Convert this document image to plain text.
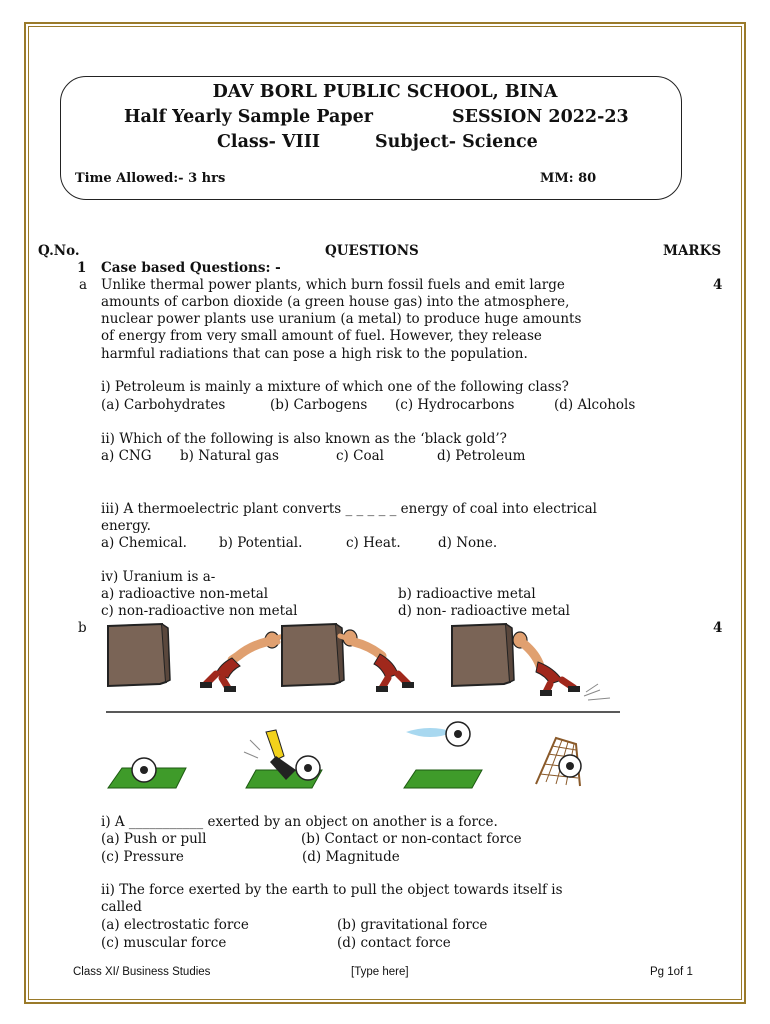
DAV BORL PUBLIC SCHOOL, BINA
Half Yearly Sample Paper	SESSION 2022-23
Class- VIII	Subject- Science
Time Allowed:- 3 hrs	MM: 80
Q.No.	QUESTIONS	MARKS
1 Case based Questions: -
a	4
Unlike thermal power plants, which burn fossil fuels and emit large
amounts of carbon dioxide (a green house gas) into the atmosphere,
nuclear power plants use uranium (a metal) to produce huge amounts
of energy from very small amount of fuel. However, they release
harmful radiations that can pose a high risk to the population.
i) Petroleum is mainly a mixture of which one of the following class?
(a) Carbohydrates	(b) Carbogens (c) Hydrocarbons	(d) Alcohols
ii) Which of the following is also known as the ‘black gold’?
a) CNG b) Natural gas	c) Coal	d) Petroleum
iii) A thermoelectric plant converts _ _ _ _ _ energy of coal into electrical
energy.
a) Chemical. b) Potential.	c) Heat.	d) None.
iv) Uranium is a-
a) radioactive non-metal	b) radioactive metal
c) non-radioactive non metal	d) non- radioactive metal
b	4
i) A ___________ exerted by an object on another is a force.
(a) Push or pull	(b) Contact or non-contact force
(c) Pressure	(d) Magnitude
ii) The force exerted by the earth to pull the object towards itself is
called
(a) electrostatic force	(b) gravitational force
(c) muscular force	(d) contact force
Class XI/ Business Studies	[Type here]	Pg 1of 1
